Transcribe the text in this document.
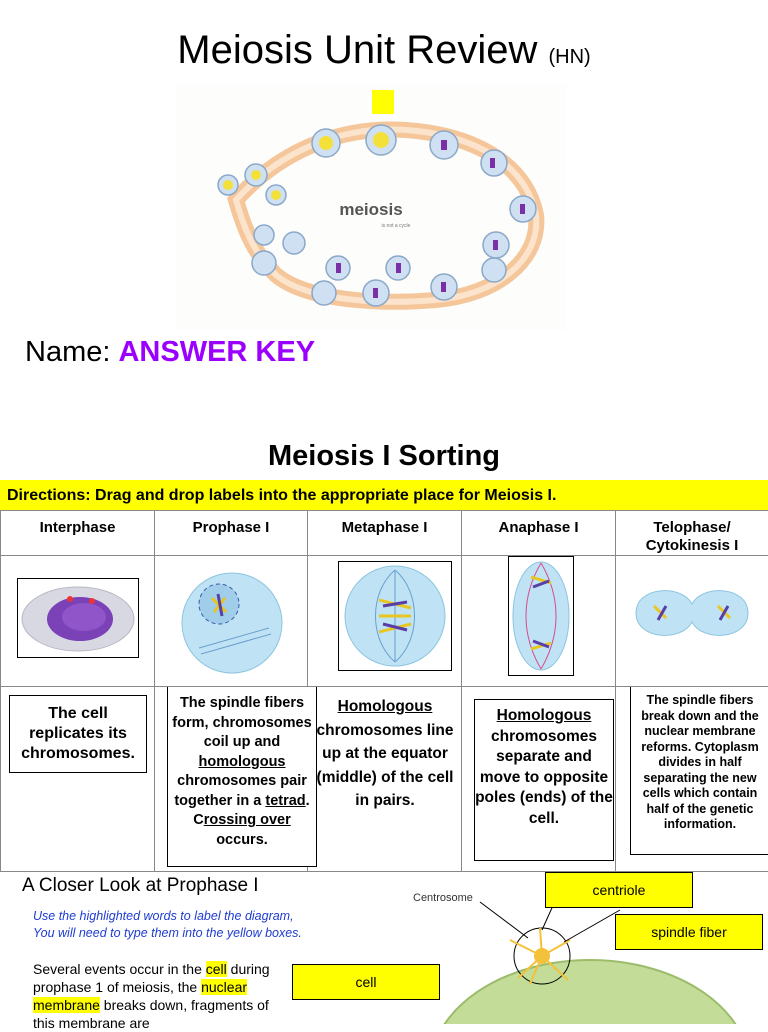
Meiosis Unit Review (HN)
meiosis
is not a cycle
Name: ANSWER KEY
Meiosis I Sorting
Directions: Drag and drop labels into the appropriate place for Meiosis I.
Interphase	Prophase I	Metaphase I	Anaphase I	Telophase/ Cytokinesis I

The cell replicates its chromosomes.	The spindle fibers form, chromosomes coil up and homologous chromosomes pair together in a tetrad. Crossing over occurs.	Homologous chromosomes line up at the equator (middle) of the cell in pairs.	Homologous chromosomes separate and move to opposite poles (ends) of the cell.	The spindle fibers break down and the nuclear membrane reforms. Cytoplasm divides in half separating the new cells which contain half of the genetic information.
A Closer Look at Prophase I
Use the highlighted words to label the diagram,
You will need to type them into the yellow boxes.
Several events occur in the cell during prophase 1 of meiosis, the nuclear membrane breaks down, fragments of this membrane are
Centrosome	centriole
spindle fiber
cell
